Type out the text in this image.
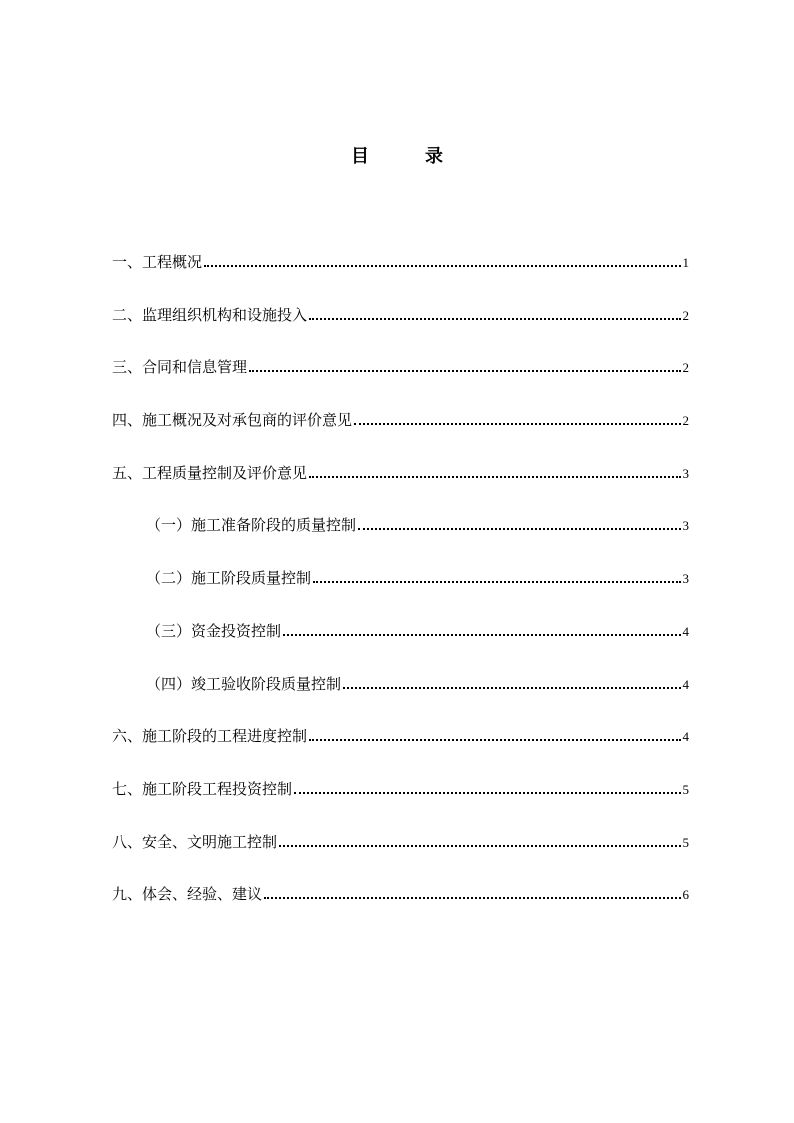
目	录
一、工程概况	1
二、监理组织机构和设施投入	2
三、合同和信息管理	2
四、施工概况及对承包商的评价意见	2
五、工程质量控制及评价意见	3
（一）施工准备阶段的质量控制	3
（二）施工阶段质量控制	3
（三）资金投资控制	4
（四）竣工验收阶段质量控制	4
六、施工阶段的工程进度控制	4
七、施工阶段工程投资控制	5
八、安全、文明施工控制	5
九、体会、经验、建议	6
